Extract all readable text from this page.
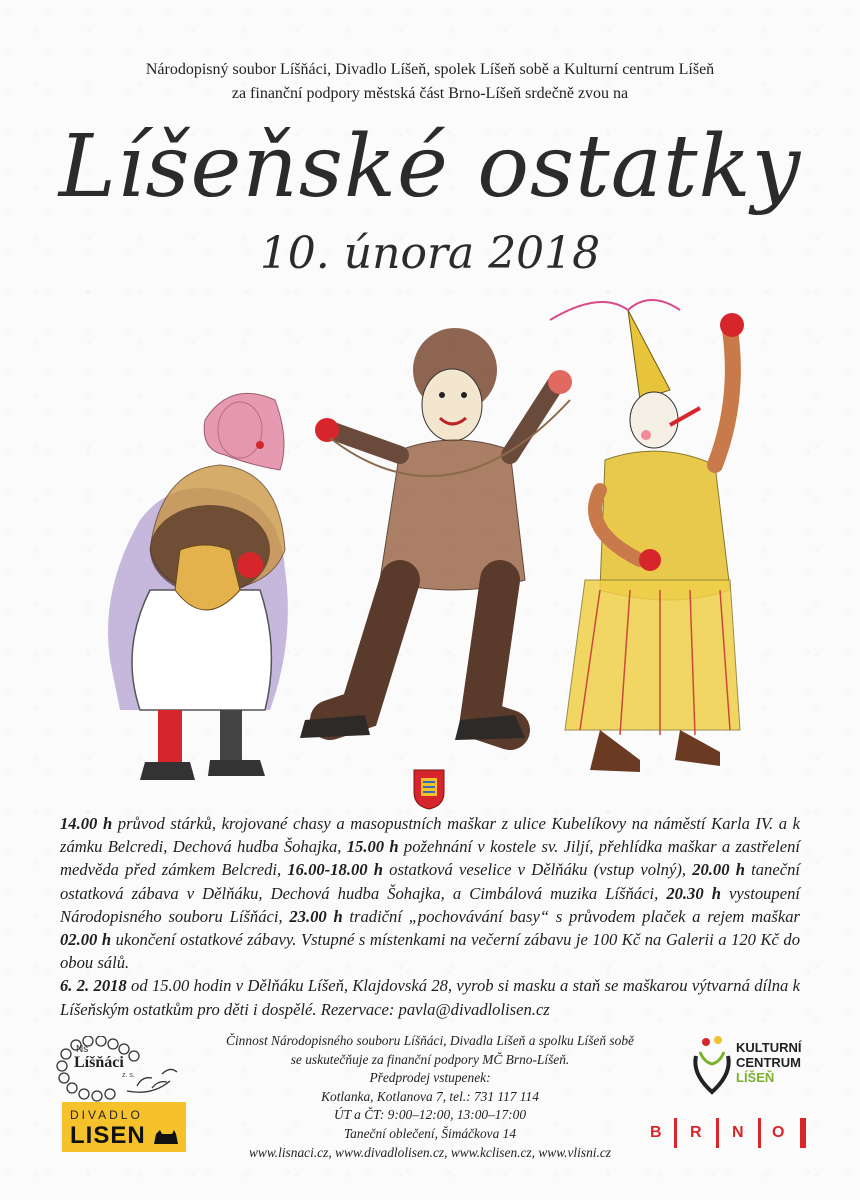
Národopisný soubor Líšňáci, Divadlo Líšeň, spolek Líšeň sobě a Kulturní centrum Líšeň
za finanční podpory městská část Brno-Líšeň srdečně zvou na
Líšeňské ostatky
10. února 2018

14.00 h průvod stárků, krojované chasy a masopustních maškar z ulice Kubelíkovy na náměstí Karla IV. a k zámku Belcredi, Dechová hudba Šohajka, 15.00 h požehnání v kostele sv. Jiljí, přehlídka maškar a zastřelení medvěda před zámkem Belcredi, 16.00-18.00 h ostatková veselice v Dělňáku (vstup volný), 20.00 h taneční ostatková zábava v Dělňáku, Dechová hudba Šohajka, a Cimbálová muzika Líšňáci, 20.30 h vystoupení Národopisného souboru Líšňáci, 23.00 h tradiční „pochovávání basy“ s průvodem plaček a rejem maškar 02.00 h ukončení ostatkové zábavy. Vstupné s místenkami na večerní zábavu je 100 Kč na Galerii a 120 Kč do obou sálů.

6. 2. 2018 od 15.00 hodin v Dělňáku Líšeň, Klajdovská 28, vyrob si masku a staň se maškarou výtvarná dílna k Líšeňským ostatkům pro děti i dospělé. Rezervace: pavla@divadlolisen.cz

Ns
Líšňáci
z. s.
DIVADLO
LISEN
Činnost Národopisného souboru Líšňáci, Divadla Líšeň a spolku Líšeň sobě
se uskutečňuje za finanční podpory MČ Brno-Líšeň.
Předprodej vstupenek:
Kotlanka, Kotlanova 7, tel.: 731 117 114
ÚT a ČT: 9:00–12:00, 13:00–17:00
Taneční oblečení, Šimáčkova 14
www.lisnaci.cz, www.divadlolisen.cz, www.kclisen.cz, www.vlisni.cz
KULTURNÍ
CENTRUM
LÍŠEŇ
B R N O
